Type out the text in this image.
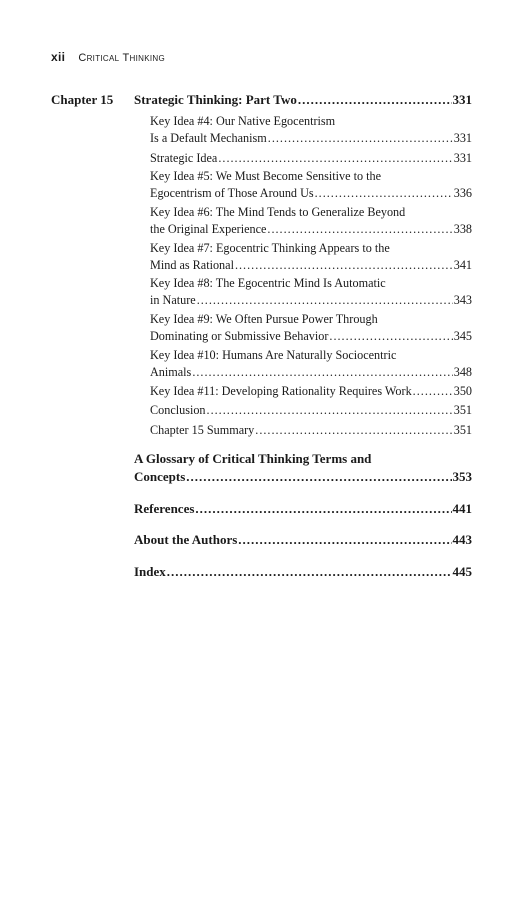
xii Critical Thinking
Chapter 15 Strategic Thinking: Part Two .....	331
Key Idea #4: Our Native Egocentrism
Is a Default Mechanism .....	331
Strategic Idea .....	331
Key Idea #5: We Must Become Sensitive to the
Egocentrism of Those Around Us .....	336
Key Idea #6: The Mind Tends to Generalize Beyond
the Original Experience .....	338
Key Idea #7: Egocentric Thinking Appears to the
Mind as Rational .....	341
Key Idea #8: The Egocentric Mind Is Automatic
in Nature .....	343
Key Idea #9: We Often Pursue Power Through
Dominating or Submissive Behavior .....	345
Key Idea #10: Humans Are Naturally Sociocentric
Animals .....	348
Key Idea #11: Developing Rationality Requires Work .....	350
Conclusion .....	351
Chapter 15 Summary .....	351
A Glossary of Critical Thinking Terms and
Concepts .....	353
References .....	441
About the Authors .....	443
Index .....	445
